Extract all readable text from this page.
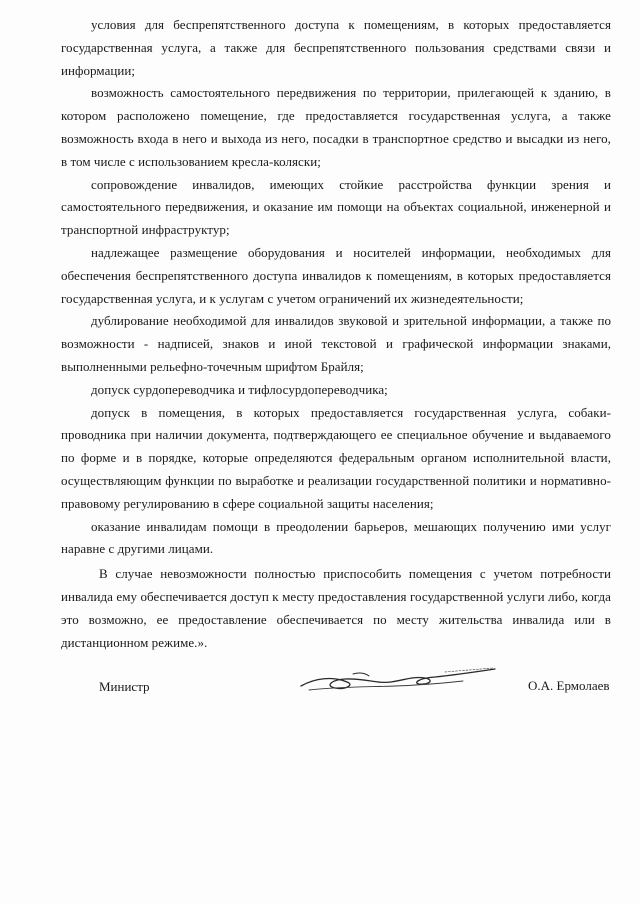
условия для беспрепятственного доступа к помещениям, в которых предоставляется государственная услуга, а также для беспрепятственного пользования средствами связи и информации;

возможность самостоятельного передвижения по территории, прилегающей к зданию, в котором расположено помещение, где предоставляется государственная услуга, а также возможность входа в него и выхода из него, посадки в транспортное средство и высадки из него, в том числе с использованием кресла-коляски;

сопровождение инвалидов, имеющих стойкие расстройства функции зрения и самостоятельного передвижения, и оказание им помощи на объектах социальной, инженерной и транспортной инфраструктур;

надлежащее размещение оборудования и носителей информации, необходимых для обеспечения беспрепятственного доступа инвалидов к помещениям, в которых предоставляется государственная услуга, и к услугам с учетом ограничений их жизнедеятельности;

дублирование необходимой для инвалидов звуковой и зрительной информации, а также по возможности - надписей, знаков и иной текстовой и графической информации знаками, выполненными рельефно-точечным шрифтом Брайля;

допуск сурдопереводчика и тифлосурдопереводчика;

допуск в помещения, в которых предоставляется государственная услуга, собаки-проводника при наличии документа, подтверждающего ее специальное обучение и выдаваемого по форме и в порядке, которые определяются федеральным органом исполнительной власти, осуществляющим функции по выработке и реализации государственной политики и нормативно-правовому регулированию в сфере социальной защиты населения;

оказание инвалидам помощи в преодолении барьеров, мешающих получению ими услуг наравне с другими лицами.

В случае невозможности полностью приспособить помещения с учетом потребности инвалида ему обеспечивается доступ к месту предоставления государственной услуги либо, когда это возможно, ее предоставление обеспечивается по месту жительства инвалида или в дистанционном режиме.».

Министр	О.А. Ермолаев
